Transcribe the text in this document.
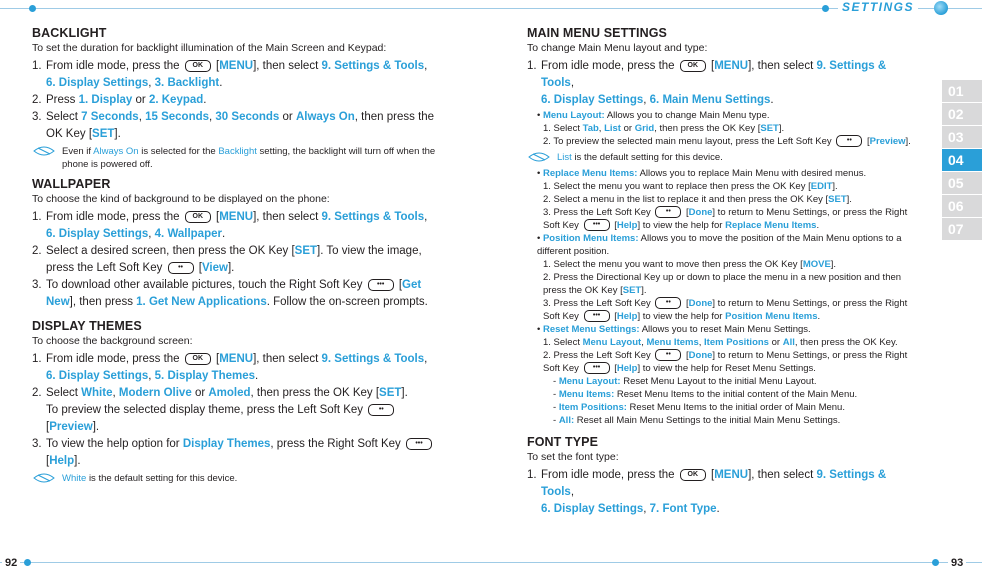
settings
01
02
03
04
05
06
07
BACKLIGHT
To set the duration for backlight illumination of the Main Screen and Keypad:
1. From idle mode, press the OK [MENU], then select 9. Settings & Tools,
6. Display Settings, 3. Backlight.
2. Press 1. Display or 2. Keypad.
3. Select 7 Seconds, 15 Seconds, 30 Seconds or Always On, then press the OK Key [SET].
Even if Always On is selected for the Backlight setting, the backlight will turn off when the phone is powered off.
WALLPAPER
To choose the kind of background to be displayed on the phone:
1. From idle mode, press the OK [MENU], then select 9. Settings & Tools,
6. Display Settings, 4. Wallpaper.
2. Select a desired screen, then press the OK Key [SET]. To view the image, press the Left Soft Key •• [View].
3. To download other available pictures, touch the Right Soft Key ••• [Get New], then press 1. Get New Applications. Follow the on-screen prompts.
DISPLAY THEMES
To choose the background screen:
1. From idle mode, press the OK [MENU], then select 9. Settings & Tools,
6. Display Settings, 5. Display Themes.
2. Select White, Modern Olive or Amoled, then press the OK Key [SET].
To preview the selected display theme, press the Left Soft Key •• [Preview].
3. To view the help option for Display Themes, press the Right Soft Key •••
[Help].
White is the default setting for this device.
MAIN MENU SETTINGS
To change Main Menu layout and type:
1. From idle mode, press the OK [MENU], then select 9. Settings & Tools,
6. Display Settings, 6. Main Menu Settings.
• Menu Layout: Allows you to change Main Menu type.
1. Select Tab, List or Grid, then press the OK Key [SET].
2. To preview the selected main menu layout, press the Left Soft Key •• [Preview].
List is the default setting for this device.
• Replace Menu Items: Allows you to replace Main Menu with desired menus.
1. Select the menu you want to replace then press the OK Key [EDIT].
2. Select a menu in the list to replace it and then press the OK Key [SET].
3. Press the Left Soft Key •• [Done] to return to Menu Settings, or press the Right Soft Key ••• [Help] to view the help for Replace Menu Items.
• Position Menu Items: Allows you to move the position of the Main Menu options to a different position.
1. Select the menu you want to move then press the OK Key [MOVE].
2. Press the Directional Key up or down to place the menu in a new position and then press the OK Key [SET].
3. Press the Left Soft Key •• [Done] to return to Menu Settings, or press the Right Soft Key ••• [Help] to view the help for Position Menu Items.
• Reset Menu Settings: Allows you to reset Main Menu Settings.
1. Select Menu Layout, Menu Items, Item Positions or All, then press the OK Key.
2. Press the Left Soft Key •• [Done] to return to Menu Settings, or press the Right Soft Key ••• [Help] to view the help for Reset Menu Settings.
- Menu Layout: Reset Menu Layout to the initial Menu Layout.
- Menu Items: Reset Menu Items to the initial content of the Main Menu.
- Item Positions: Reset Menu Items to the initial order of Main Menu.
- All: Reset all Main Menu Settings to the initial Main Menu Settings.
FONT TYPE
To set the font type:
1. From idle mode, press the OK [MENU], then select 9. Settings & Tools,
6. Display Settings, 7. Font Type.
92	93
